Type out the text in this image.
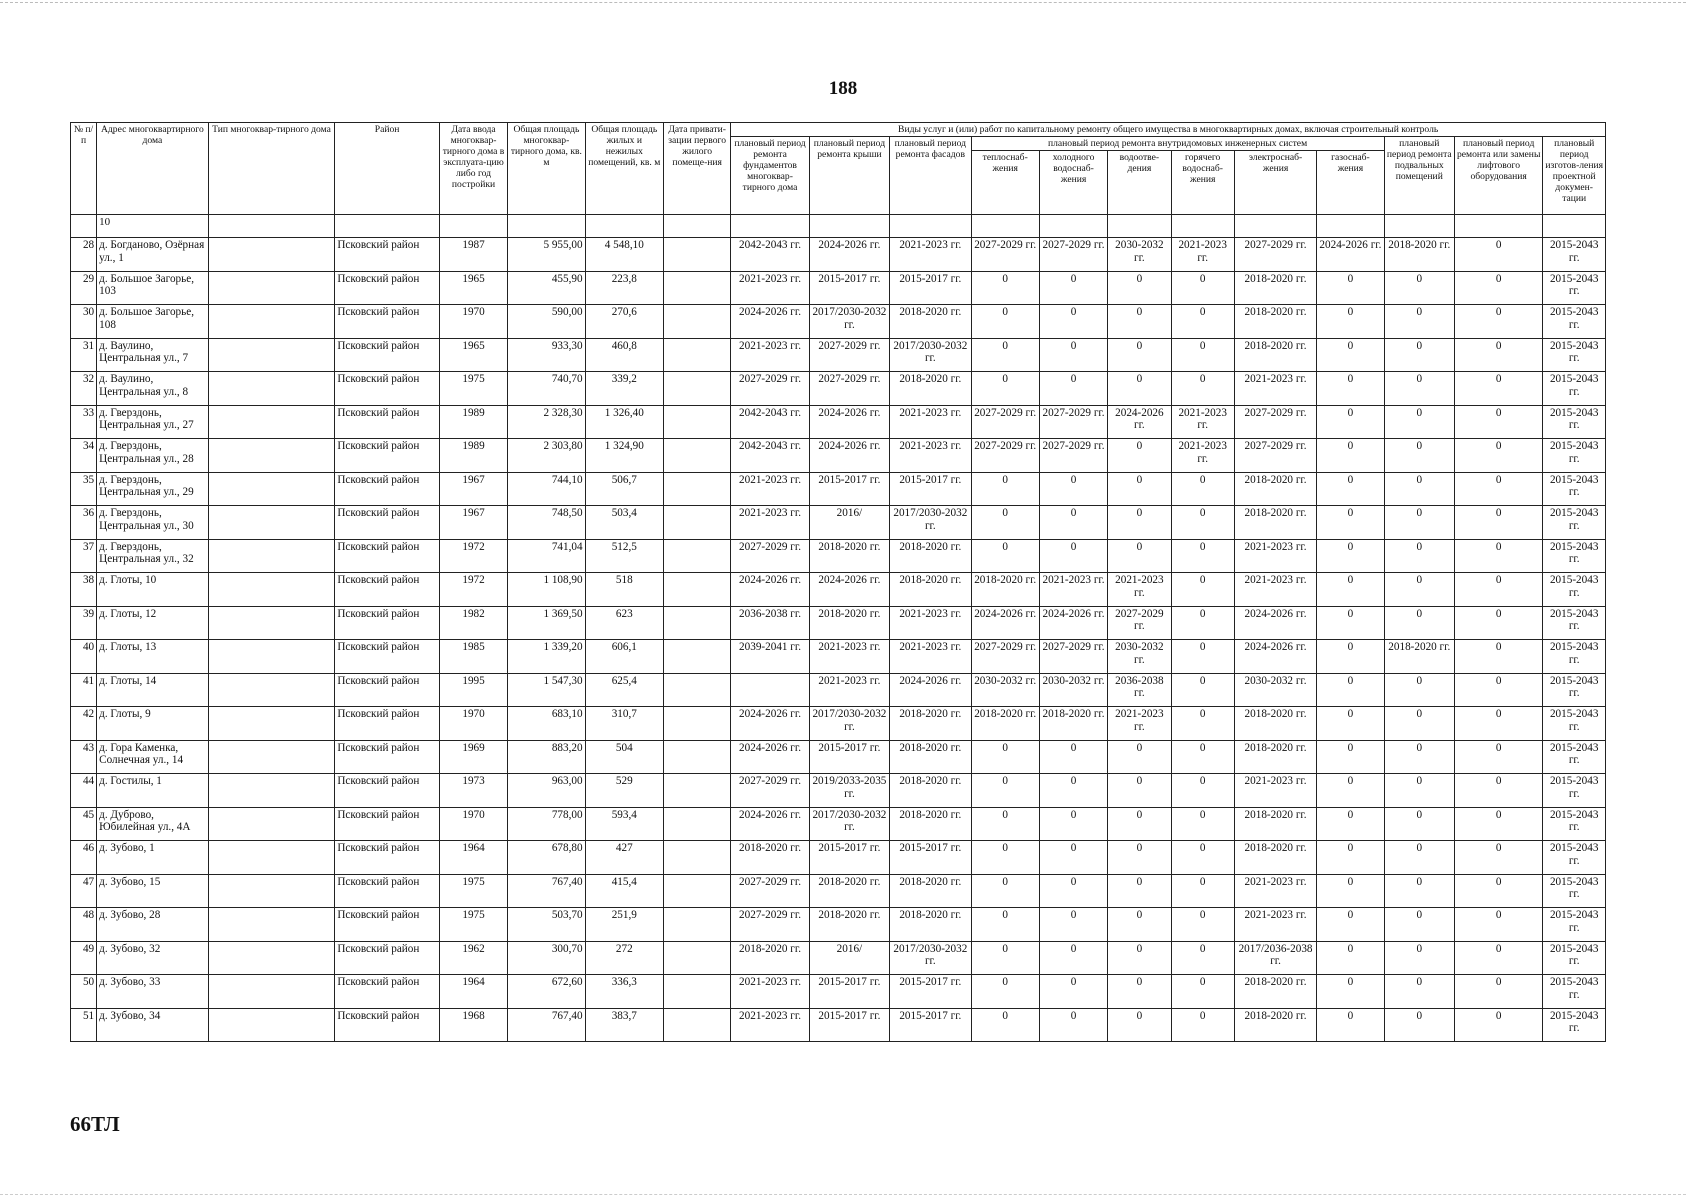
188
№ п/п	Адрес многоквартирного дома	Тип многоквар-тирного дома	Район	Дата ввода многоквар-тирного дома в эксплуата-цию либо год постройки	Общая площадь многоквар-тирного дома, кв. м	Общая площадь жилых и нежилых помещений, кв. м	Дата привати-зации первого жилого помеще-ния	Виды услуг и (или) работ по капитальному ремонту общего имущества в многоквартирных домах, включая строительный контроль											
								плановый период ремонта фундаментов многоквар-тирного дома	плановый период ремонта крыши	плановый период ремонта фасадов	плановый период ремонта внутридомовых инженерных систем						плановый период ремонта подвальных помещений	плановый период ремонта или замены лифтового оборудования	плановый период изготов-ления проектной докумен-тации
											теплоснаб-жения	холодного водоснаб-жения	водоотве-дения	горячего водоснаб-жения	электроснаб-жения	газоснаб-жения			
	10																		
28	д. Богданово, Озёрная ул., 1		Псковский район	1987	5 955,00	4 548,10		2042-2043 гг.	2024-2026 гг.	2021-2023 гг.	2027-2029 гг.	2027-2029 гг.	2030-2032 гг.	2021-2023 гг.	2027-2029 гг.	2024-2026 гг.	2018-2020 гг.	0	2015-2043 гг.
29	д. Большое Загорье, 103		Псковский район	1965	455,90	223,8		2021-2023 гг.	2015-2017 гг.	2015-2017 гг.	0	0	0	0	2018-2020 гг.	0	0	0	2015-2043 гг.
30	д. Большое Загорье, 108		Псковский район	1970	590,00	270,6		2024-2026 гг.	2017/2030-2032 гг.	2018-2020 гг.	0	0	0	0	2018-2020 гг.	0	0	0	2015-2043 гг.
31	д. Ваулино, Центральная ул., 7		Псковский район	1965	933,30	460,8		2021-2023 гг.	2027-2029 гг.	2017/2030-2032 гг.	0	0	0	0	2018-2020 гг.	0	0	0	2015-2043 гг.
32	д. Ваулино, Центральная ул., 8		Псковский район	1975	740,70	339,2		2027-2029 гг.	2027-2029 гг.	2018-2020 гг.	0	0	0	0	2021-2023 гг.	0	0	0	2015-2043 гг.
33	д. Гверздонь, Центральная ул., 27		Псковский район	1989	2 328,30	1 326,40		2042-2043 гг.	2024-2026 гг.	2021-2023 гг.	2027-2029 гг.	2027-2029 гг.	2024-2026 гг.	2021-2023 гг.	2027-2029 гг.	0	0	0	2015-2043 гг.
34	д. Гверздонь, Центральная ул., 28		Псковский район	1989	2 303,80	1 324,90		2042-2043 гг.	2024-2026 гг.	2021-2023 гг.	2027-2029 гг.	2027-2029 гг.	0	2021-2023 гг.	2027-2029 гг.	0	0	0	2015-2043 гг.
35	д. Гверздонь, Центральная ул., 29		Псковский район	1967	744,10	506,7		2021-2023 гг.	2015-2017 гг.	2015-2017 гг.	0	0	0	0	2018-2020 гг.	0	0	0	2015-2043 гг.
36	д. Гверздонь, Центральная ул., 30		Псковский район	1967	748,50	503,4		2021-2023 гг.	2016/	2017/2030-2032 гг.	0	0	0	0	2018-2020 гг.	0	0	0	2015-2043 гг.
37	д. Гверздонь, Центральная ул., 32		Псковский район	1972	741,04	512,5		2027-2029 гг.	2018-2020 гг.	2018-2020 гг.	0	0	0	0	2021-2023 гг.	0	0	0	2015-2043 гг.
38	д. Глоты, 10		Псковский район	1972	1 108,90	518		2024-2026 гг.	2024-2026 гг.	2018-2020 гг.	2018-2020 гг.	2021-2023 гг.	2021-2023 гг.	0	2021-2023 гг.	0	0	0	2015-2043 гг.
39	д. Глоты, 12		Псковский район	1982	1 369,50	623		2036-2038 гг.	2018-2020 гг.	2021-2023 гг.	2024-2026 гг.	2024-2026 гг.	2027-2029 гг.	0	2024-2026 гг.	0	0	0	2015-2043 гг.
40	д. Глоты, 13		Псковский район	1985	1 339,20	606,1		2039-2041 гг.	2021-2023 гг.	2021-2023 гг.	2027-2029 гг.	2027-2029 гг.	2030-2032 гг.	0	2024-2026 гг.	0	2018-2020 гг.	0	2015-2043 гг.
41	д. Глоты, 14		Псковский район	1995	1 547,30	625,4			2021-2023 гг.	2024-2026 гг.	2030-2032 гг.	2030-2032 гг.	2036-2038 гг.	0	2030-2032 гг.	0	0	0	2015-2043 гг.
42	д. Глоты, 9		Псковский район	1970	683,10	310,7		2024-2026 гг.	2017/2030-2032 гг.	2018-2020 гг.	2018-2020 гг.	2018-2020 гг.	2021-2023 гг.	0	2018-2020 гг.	0	0	0	2015-2043 гг.
43	д. Гора Каменка, Солнечная ул., 14		Псковский район	1969	883,20	504		2024-2026 гг.	2015-2017 гг.	2018-2020 гг.	0	0	0	0	2018-2020 гг.	0	0	0	2015-2043 гг.
44	д. Гостилы, 1		Псковский район	1973	963,00	529		2027-2029 гг.	2019/2033-2035 гг.	2018-2020 гг.	0	0	0	0	2021-2023 гг.	0	0	0	2015-2043 гг.
45	д. Дуброво, Юбилейная ул., 4А		Псковский район	1970	778,00	593,4		2024-2026 гг.	2017/2030-2032 гг.	2018-2020 гг.	0	0	0	0	2018-2020 гг.	0	0	0	2015-2043 гг.
46	д. Зубово, 1		Псковский район	1964	678,80	427		2018-2020 гг.	2015-2017 гг.	2015-2017 гг.	0	0	0	0	2018-2020 гг.	0	0	0	2015-2043 гг.
47	д. Зубово, 15		Псковский район	1975	767,40	415,4		2027-2029 гг.	2018-2020 гг.	2018-2020 гг.	0	0	0	0	2021-2023 гг.	0	0	0	2015-2043 гг.
48	д. Зубово, 28		Псковский район	1975	503,70	251,9		2027-2029 гг.	2018-2020 гг.	2018-2020 гг.	0	0	0	0	2021-2023 гг.	0	0	0	2015-2043 гг.
49	д. Зубово, 32		Псковский район	1962	300,70	272		2018-2020 гг.	2016/	2017/2030-2032 гг.	0	0	0	0	2017/2036-2038 гг.	0	0	0	2015-2043 гг.
50	д. Зубово, 33		Псковский район	1964	672,60	336,3		2021-2023 гг.	2015-2017 гг.	2015-2017 гг.	0	0	0	0	2018-2020 гг.	0	0	0	2015-2043 гг.
51	д. Зубово, 34		Псковский район	1968	767,40	383,7		2021-2023 гг.	2015-2017 гг.	2015-2017 гг.	0	0	0	0	2018-2020 гг.	0	0	0	2015-2043 гг.
66ТЛ
